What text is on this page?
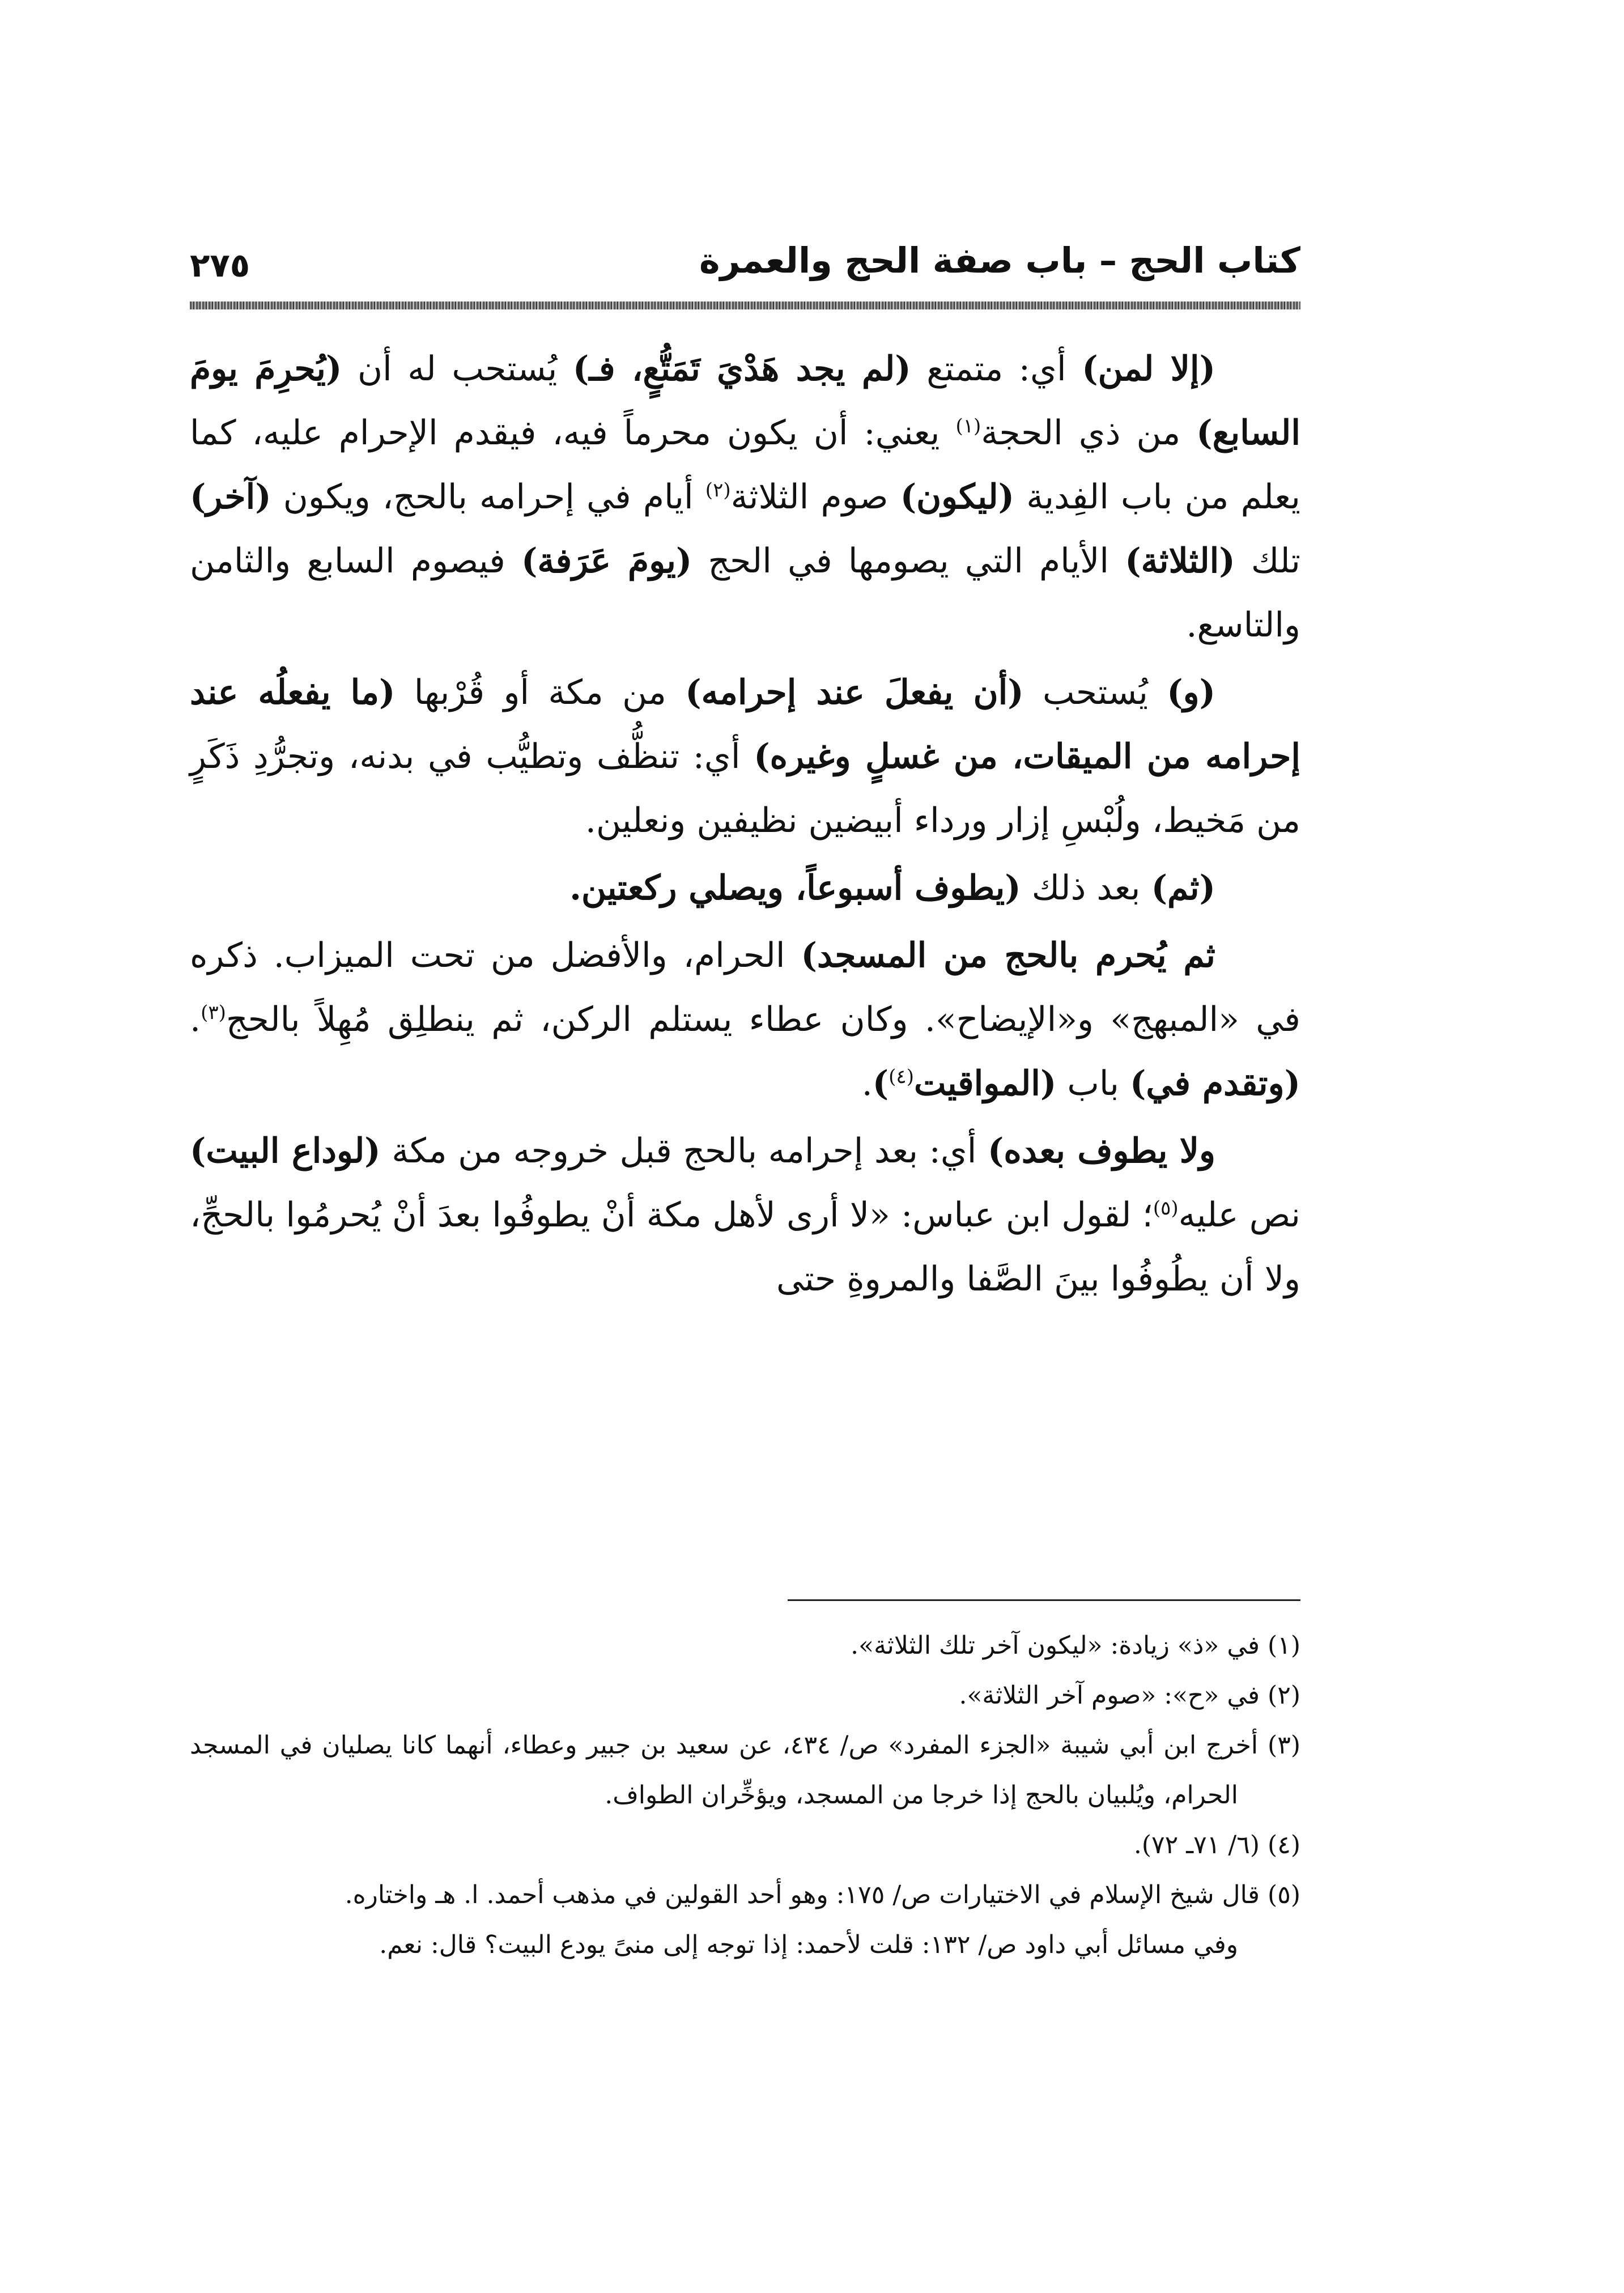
كتاب الحج – باب صفة الحج والعمرة
٢٧٥

(إلا لمن) أي: متمتع (لم يجد هَدْيَ تَمَتُّعٍ، فـ) يُستحب له أن (يُحرِمَ يومَ السابع) من ذي الحجة$^{(١)}$ يعني: أن يكون محرماً فيه، فيقدم الإحرام عليه، كما يعلم من باب الفِدية (ليكون) صوم الثلاثة$^{(٢)}$ أيام في إحرامه بالحج، ويكون (آخر) تلك (الثلاثة) الأيام التي يصومها في الحج (يومَ عَرَفة) فيصوم السابع والثامن والتاسع.

(و) يُستحب (أن يفعلَ عند إحرامه) من مكة أو قُرْبها (ما يفعلُه عند إحرامه من الميقات، من غسلٍ وغيره) أي: تنظُّف وتطيُّب في بدنه، وتجرُّدِ ذَكَرٍ من مَخيط، ولُبْسِ إزار ورداء أبيضين نظيفين ونعلين.

(ثم) بعد ذلك (يطوف أسبوعاً، ويصلي ركعتين.

ثم يُحرم بالحج من المسجد) الحرام، والأفضل من تحت الميزاب. ذكره في «المبهج» و«الإيضاح». وكان عطاء يستلم الركن، ثم ينطلِق مُهِلاً بالحج$^{(٣)}$. (وتقدم في) باب (المواقيت$^{(٤)}$).

ولا يطوف بعده) أي: بعد إحرامه بالحج قبل خروجه من مكة (لوداع البيت) نص عليه$^{(٥)}$؛ لقول ابن عباس: «لا أرى لأهل مكة أنْ يطوفُوا بعدَ أنْ يُحرمُوا بالحجِّ، ولا أن يطُوفُوا بينَ الصَّفا والمروةِ حتى

(١) في «ذ» زيادة: «ليكون آخر تلك الثلاثة».

(٢) في «ح»: «صوم آخر الثلاثة».

(٣) أخرج ابن أبي شيبة «الجزء المفرد» ص/ ٤٣٤، عن سعيد بن جبير وعطاء، أنهما كانا يصليان في المسجد الحرام، ويُلبيان بالحج إذا خرجا من المسجد، ويؤخِّران الطواف.

(٤) (٦/ ٧١ـ ٧٢).

(٥) قال شيخ الإسلام في الاختيارات ص/ ١٧٥: وهو أحد القولين في مذهب أحمد. ا. هـ واختاره.

وفي مسائل أبي داود ص/ ١٣٢: قلت لأحمد: إذا توجه إلى منىً يودع البيت؟ قال: نعم.
